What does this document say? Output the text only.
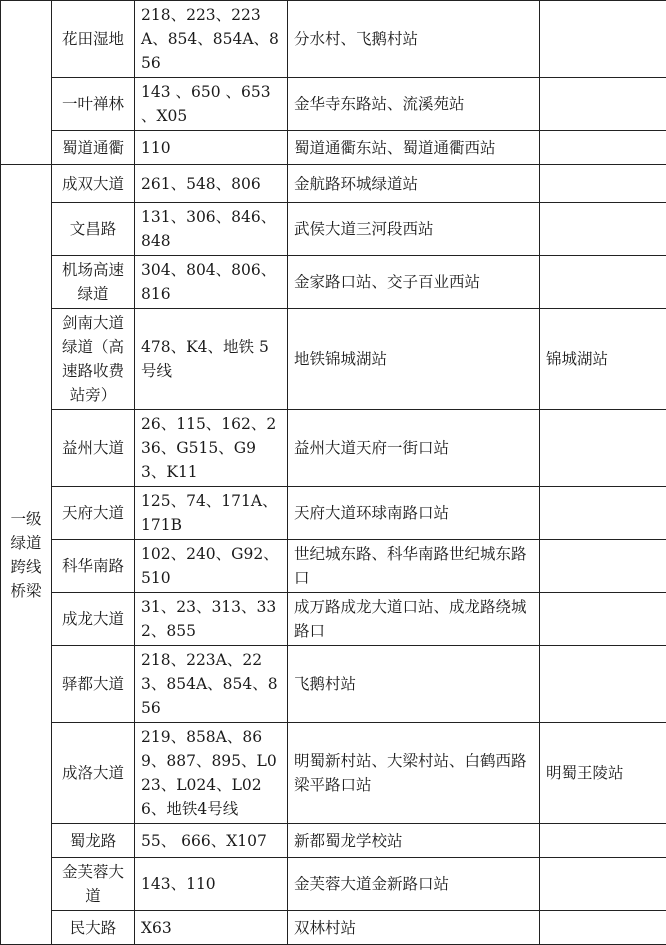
	花田湿地	218、223、223A、854、854A、856	分水村、飞鹅村站	
	一叶禅林	143 、650 、653 、X05	金华寺东路站、流溪苑站	
	蜀道通衢	110	蜀道通衢东站、蜀道通衢西站	
一级绿道跨线桥梁	成双大道	261、548、806	金航路环城绿道站	
	文昌路	131、306、846、848	武侯大道三河段西站	
	机场高速绿道	304、804、806、816	金家路口站、交子百业西站	
	剑南大道绿道（高速路收费站旁）	478、K4、地铁 5号线	地铁锦城湖站	锦城湖站
	益州大道	26、115、162、236、G515、G93、K11	益州大道天府一街口站	
	天府大道	125、74、171A、171B	天府大道环球南路口站	
	科华南路	102、240、G92、510	世纪城东路、科华南路世纪城东路口	
	成龙大道	31、23、313、332、855	成万路成龙大道口站、成龙路绕城路口	
	驿都大道	218、223A、223、854A、854、856	飞鹅村站	
	成洛大道	219、858A、869、887、895、L023、L024、L026、地铁4号线	明蜀新村站、大梁村站、白鹤西路梁平路口站	明蜀王陵站
	蜀龙路	55、 666、X107	新都蜀龙学校站	
	金芙蓉大道	143、110	金芙蓉大道金新路口站	
	民大路	X63	双林村站	
